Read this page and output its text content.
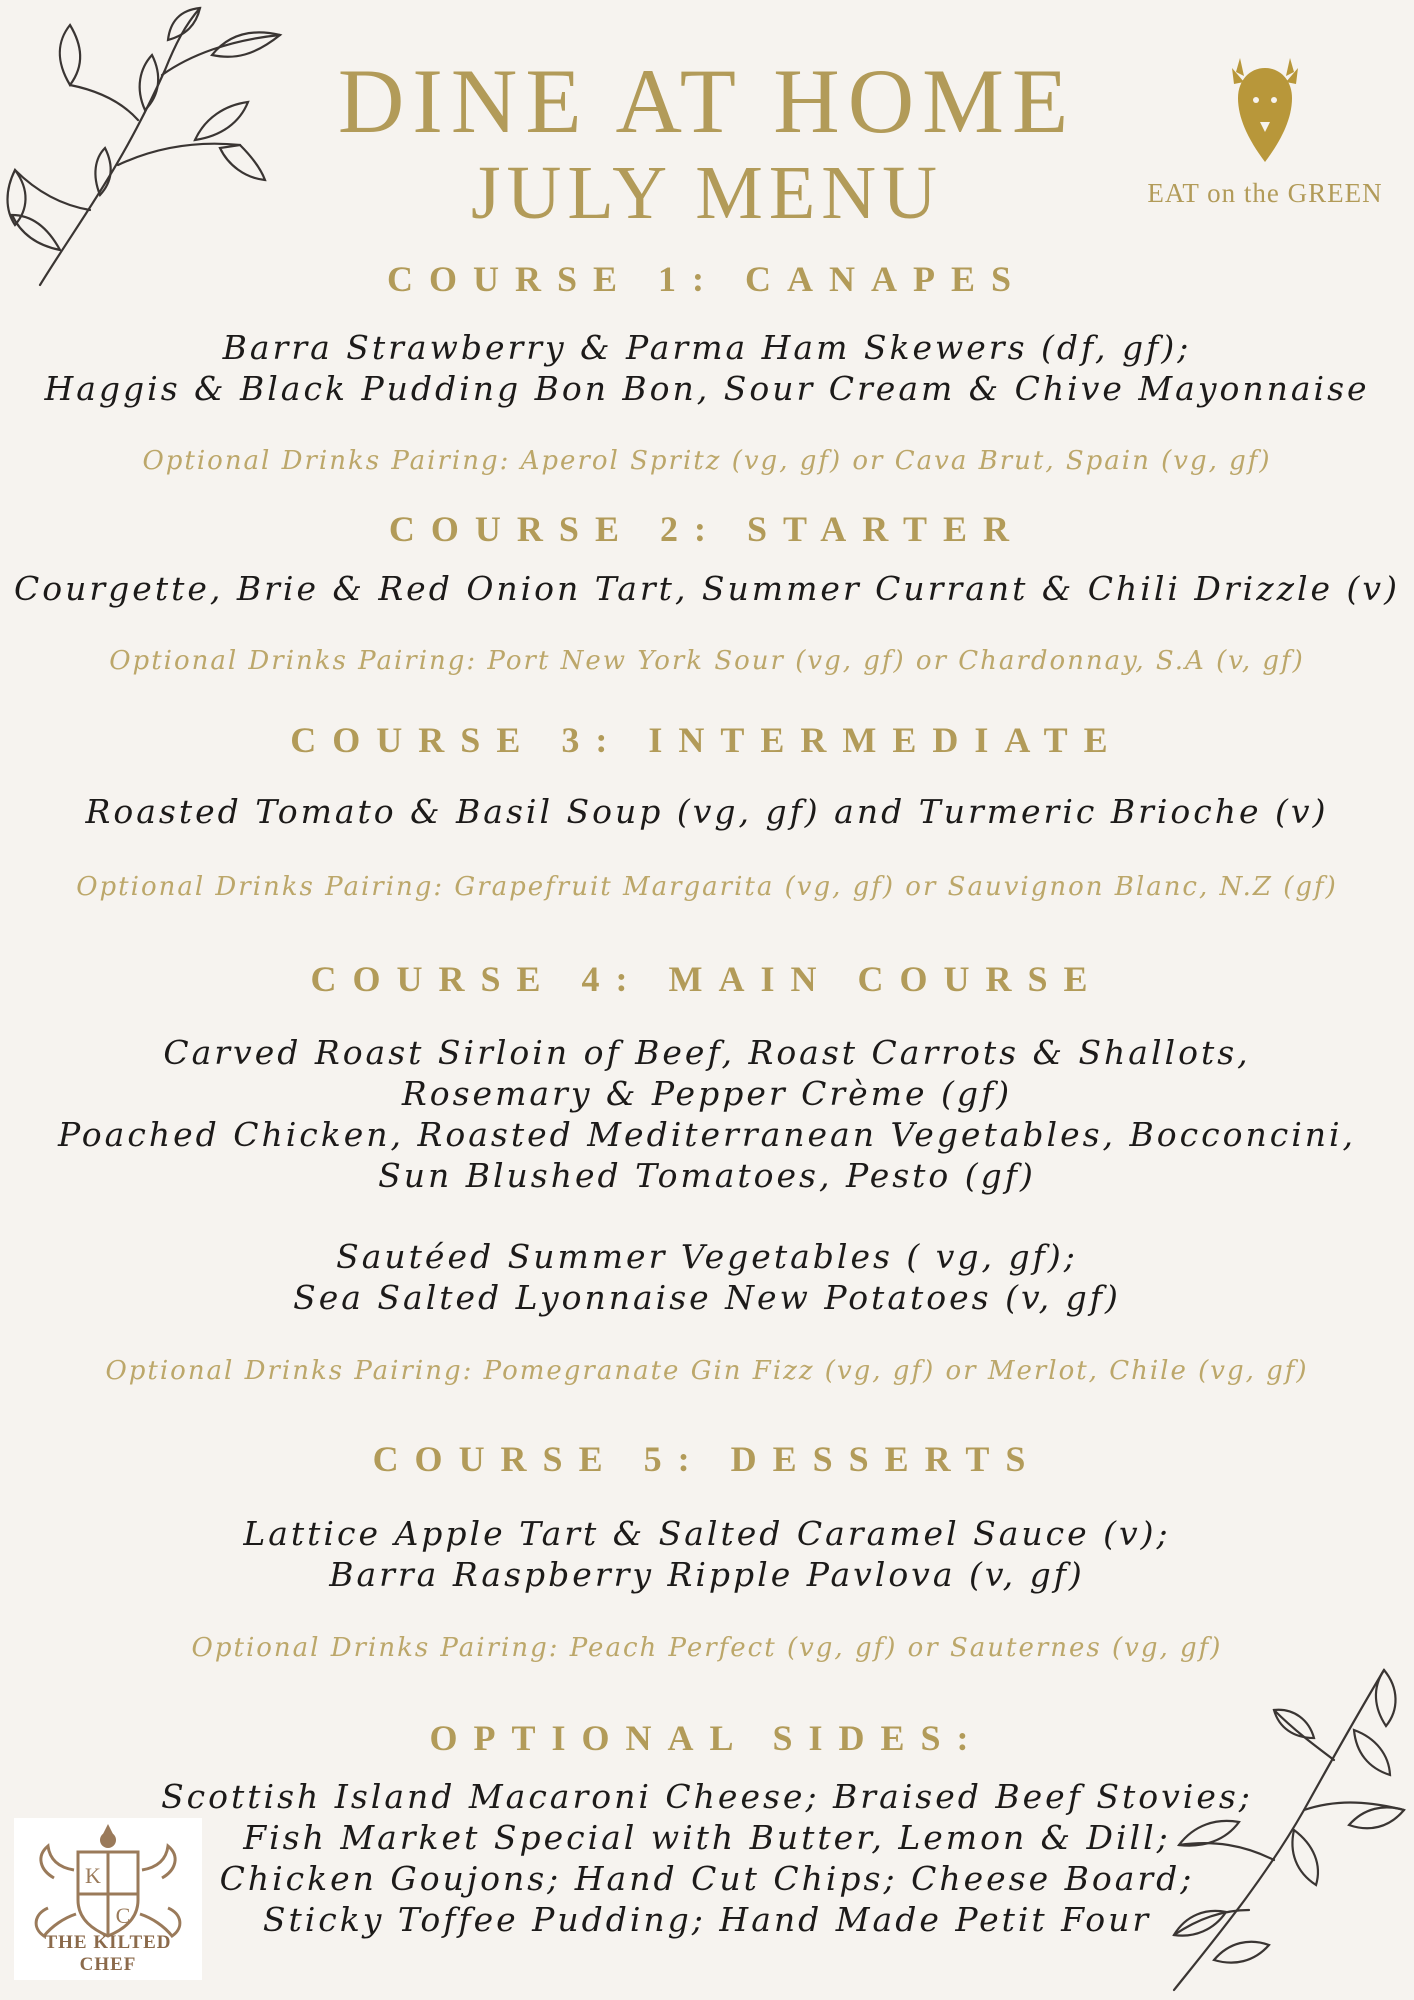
EAT on the GREEN
DINE AT HOME
JULY MENU
COURSE 1: CANAPES
Barra Strawberry & Parma Ham Skewers (df, gf);
Haggis & Black Pudding Bon Bon, Sour Cream & Chive Mayonnaise

Optional Drinks Pairing: Aperol Spritz (vg, gf) or Cava Brut, Spain (vg, gf)

COURSE 2: STARTER
Courgette, Brie & Red Onion Tart, Summer Currant & Chili Drizzle (v)

Optional Drinks Pairing: Port New York Sour (vg, gf) or Chardonnay, S.A (v, gf)

COURSE 3: INTERMEDIATE
Roasted Tomato & Basil Soup (vg, gf) and Turmeric Brioche (v)

Optional Drinks Pairing: Grapefruit Margarita (vg, gf) or Sauvignon Blanc, N.Z (gf)

COURSE 4: MAIN COURSE
Carved Roast Sirloin of Beef, Roast Carrots & Shallots,
Rosemary & Pepper Crème (gf)
Poached Chicken, Roasted Mediterranean Vegetables, Bocconcini,
Sun Blushed Tomatoes, Pesto (gf)
Sautéed Summer Vegetables ( vg, gf);
Sea Salted Lyonnaise New Potatoes (v, gf)

Optional Drinks Pairing: Pomegranate Gin Fizz (vg, gf) or Merlot, Chile (vg, gf)

COURSE 5: DESSERTS
Lattice Apple Tart & Salted Caramel Sauce (v);
Barra Raspberry Ripple Pavlova (v, gf)

Optional Drinks Pairing: Peach Perfect (vg, gf) or Sauternes (vg, gf)

OPTIONAL SIDES:
Scottish Island Macaroni Cheese; Braised Beef Stovies;
Fish Market Special with Butter, Lemon & Dill;
Chicken Goujons; Hand Cut Chips; Cheese Board;
Sticky Toffee Pudding; Hand Made Petit Four
K
C
THE KILTED CHEF
